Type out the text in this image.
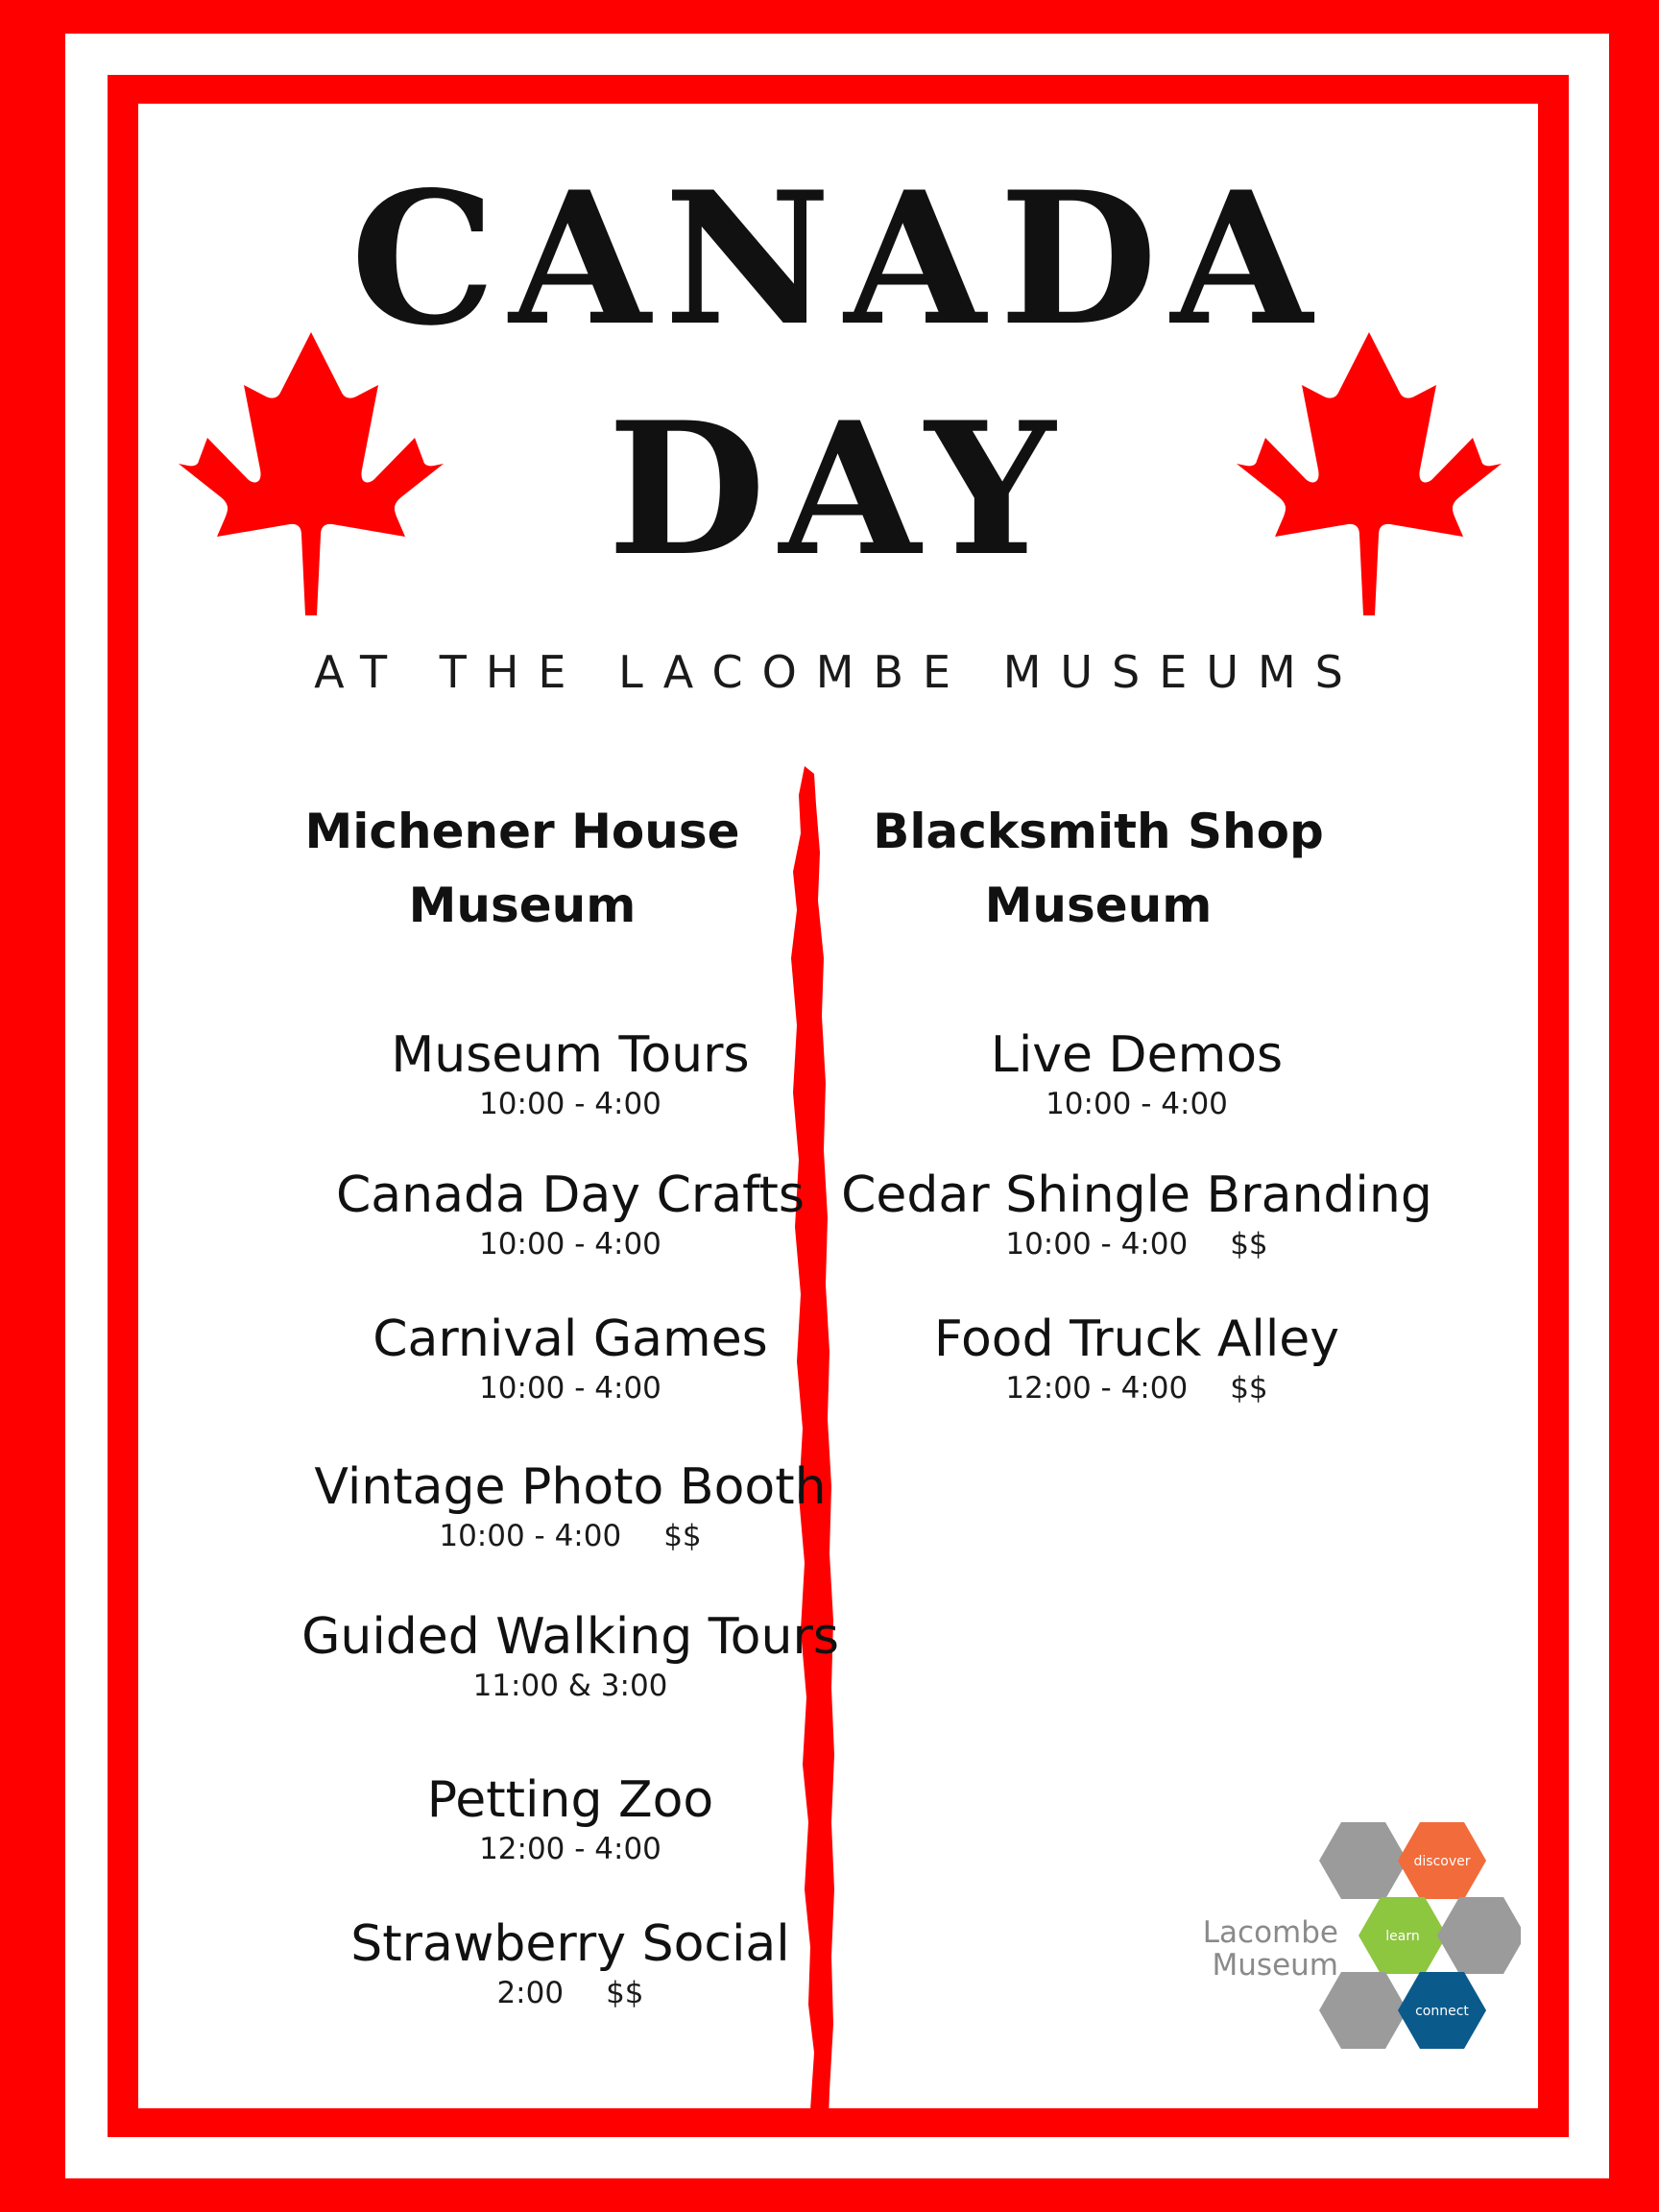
CANADA
DAY
AT THE LACOMBE MUSEUMS
Michener House
Museum
Blacksmith Shop
Museum
Museum Tours
10:00 - 4:00
Canada Day Crafts
10:00 - 4:00
Carnival Games
10:00 - 4:00
Vintage Photo Booth
10:00 - 4:00 $$
Guided Walking Tours
11:00 & 3:00
Petting Zoo
12:00 - 4:00
Strawberry Social
2:00 $$
Live Demos
10:00 - 4:00
Cedar Shingle Branding
10:00 - 4:00 $$
Food Truck Alley
12:00 - 4:00 $$
Lacombe
Museum
discover
learn
connect
